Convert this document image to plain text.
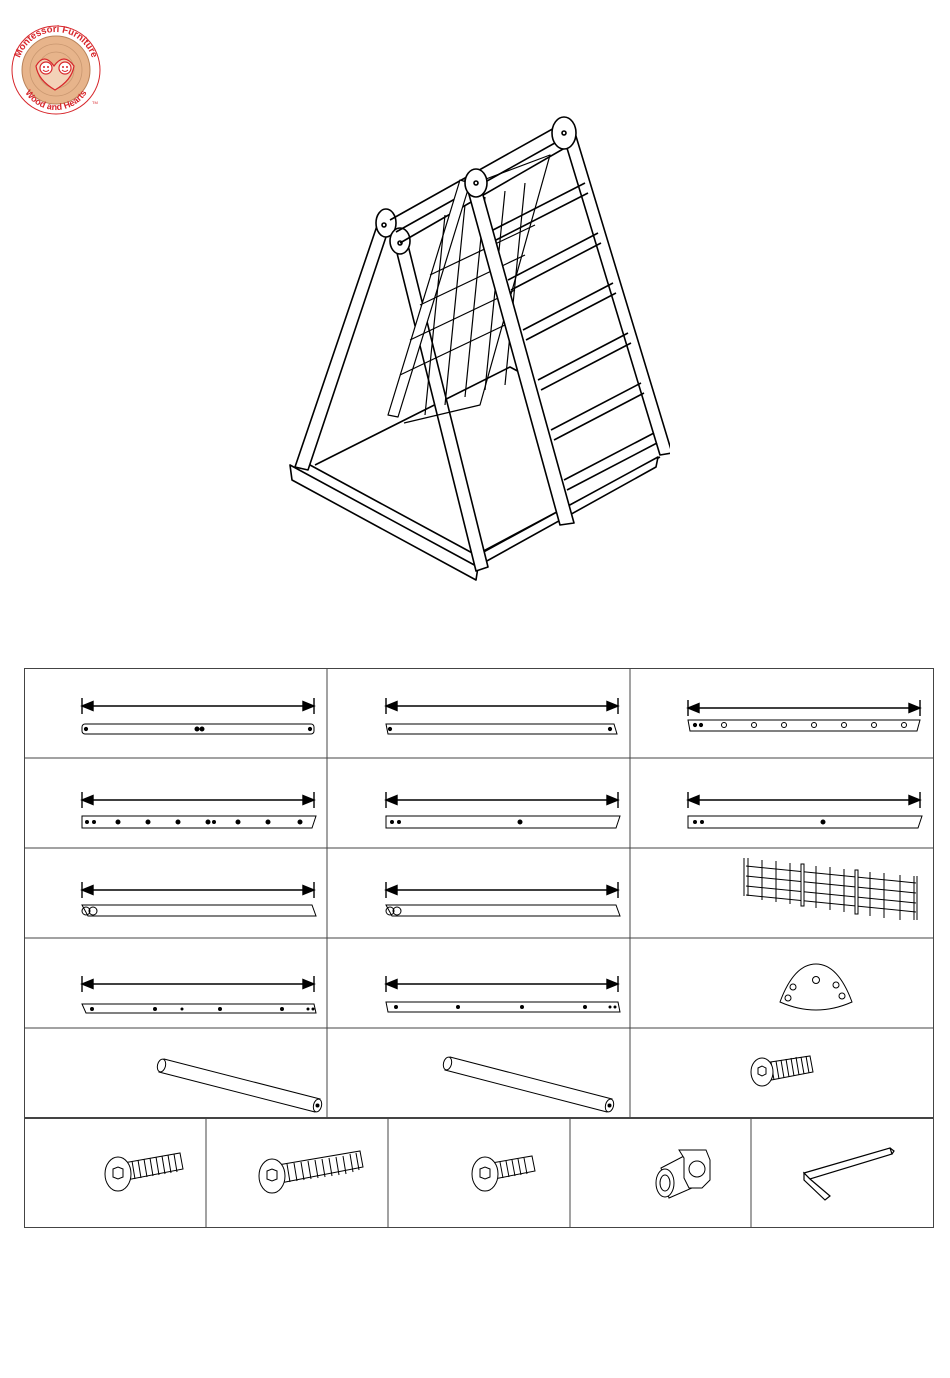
Montessori Furniture
Wood and Hearts
TM
